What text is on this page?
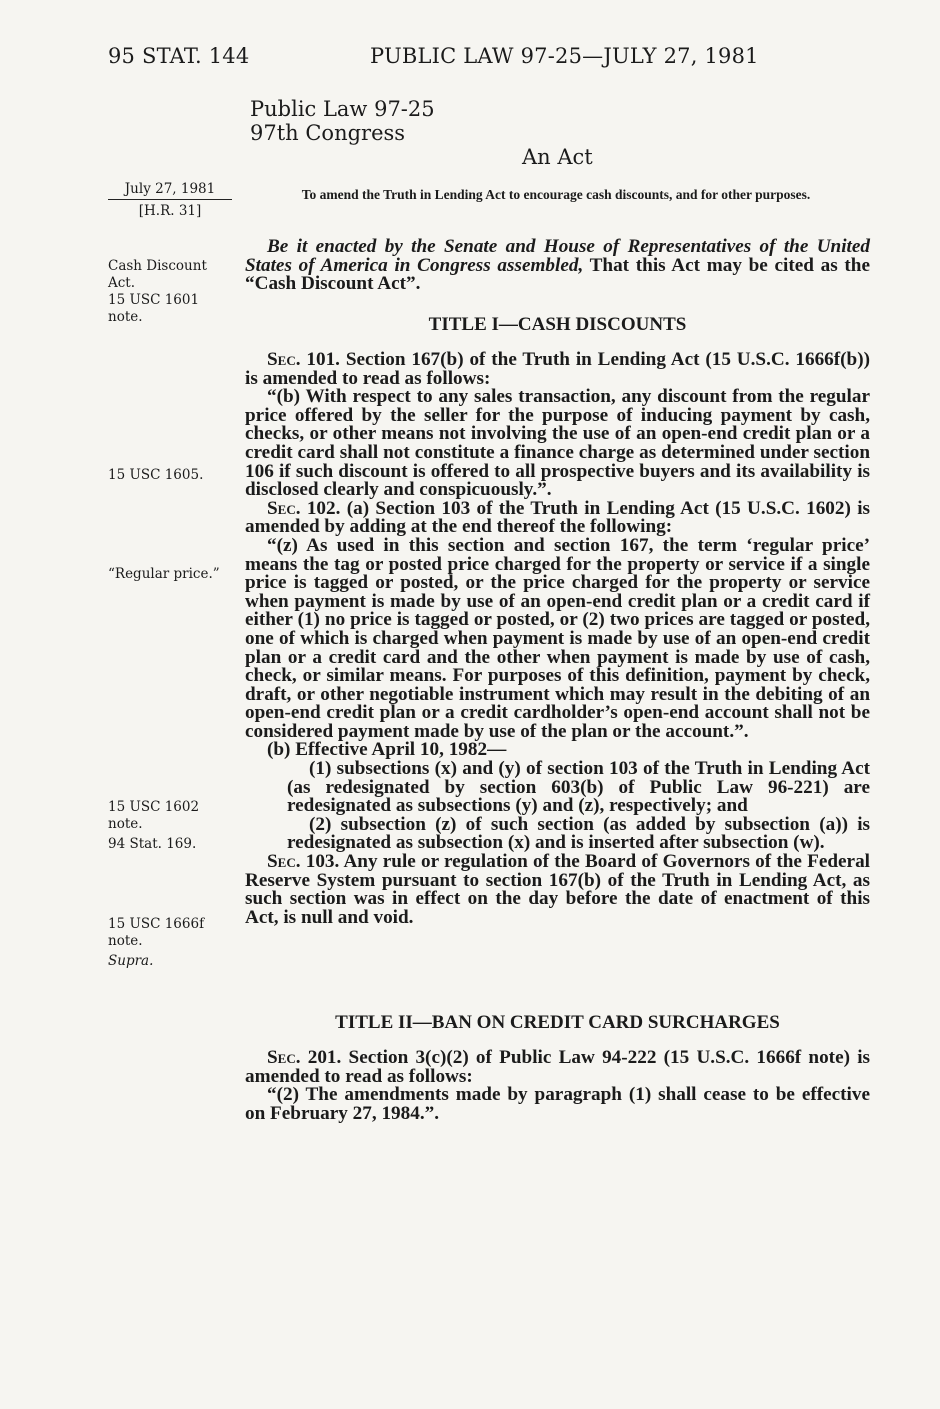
95 STAT. 144	PUBLIC LAW 97-25—JULY 27, 1981
Public Law 97-25
97th Congress
An Act
July 27, 1981
[H.R. 31]
To amend the Truth in Lending Act to encourage cash discounts, and for other purposes.
Cash Discount
Act.
15 USC 1601
note.
15 USC 1605.
“Regular price.”
15 USC 1602
note.
94 Stat. 169.
15 USC 1666f
note.
Supra.

Be it enacted by the Senate and House of Representatives of the United States of America in Congress assembled, That this Act may be cited as the “Cash Discount Act”.

TITLE I—CASH DISCOUNTS

Sec. 101. Section 167(b) of the Truth in Lending Act (15 U.S.C. 1666f(b)) is amended to read as follows:

“(b) With respect to any sales transaction, any discount from the regular price offered by the seller for the purpose of inducing payment by cash, checks, or other means not involving the use of an open-end credit plan or a credit card shall not constitute a finance charge as determined under section 106 if such discount is offered to all prospective buyers and its availability is disclosed clearly and conspicuously.”.

Sec. 102. (a) Section 103 of the Truth in Lending Act (15 U.S.C. 1602) is amended by adding at the end thereof the following:

“(z) As used in this section and section 167, the term ‘regular price’ means the tag or posted price charged for the property or service if a single price is tagged or posted, or the price charged for the property or service when payment is made by use of an open-end credit plan or a credit card if either (1) no price is tagged or posted, or (2) two prices are tagged or posted, one of which is charged when payment is made by use of an open-end credit plan or a credit card and the other when payment is made by use of cash, check, or similar means. For purposes of this definition, payment by check, draft, or other negotiable instrument which may result in the debiting of an open-end credit plan or a credit cardholder’s open-end account shall not be considered payment made by use of the plan or the account.”.

(b) Effective April 10, 1982—

(1) subsections (x) and (y) of section 103 of the Truth in Lending Act (as redesignated by section 603(b) of Public Law 96-221) are redesignated as subsections (y) and (z), respectively; and

(2) subsection (z) of such section (as added by subsection (a)) is redesignated as subsection (x) and is inserted after subsection (w).

Sec. 103. Any rule or regulation of the Board of Governors of the Federal Reserve System pursuant to section 167(b) of the Truth in Lending Act, as such section was in effect on the day before the date of enactment of this Act, is null and void.

TITLE II—BAN ON CREDIT CARD SURCHARGES

Sec. 201. Section 3(c)(2) of Public Law 94-222 (15 U.S.C. 1666f note) is amended to read as follows:

“(2) The amendments made by paragraph (1) shall cease to be effective on February 27, 1984.”.
